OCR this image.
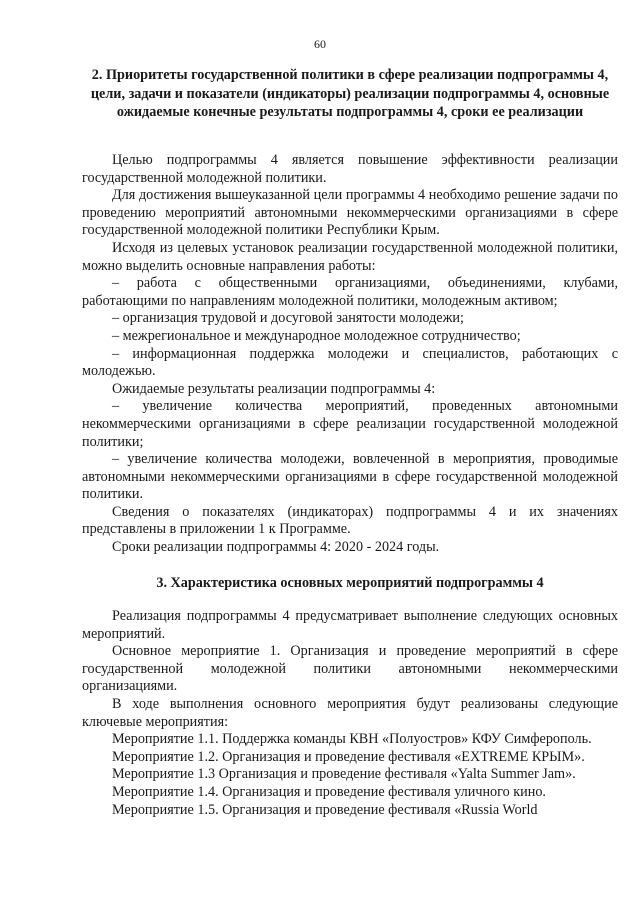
60
2. Приоритеты государственной политики в сфере реализации подпрограммы 4, цели, задачи и показатели (индикаторы) реализации подпрограммы 4, основные ожидаемые конечные результаты подпрограммы 4, сроки ее реализации

Целью подпрограммы 4 является повышение эффективности реализации государственной молодежной политики.

Для достижения вышеуказанной цели программы 4 необходимо решение задачи по проведению мероприятий автономными некоммерческими организациями в сфере государственной молодежной политики Республики Крым.

Исходя из целевых установок реализации государственной молодежной политики, можно выделить основные направления работы:

– работа с общественными организациями, объединениями, клубами, работающими по направлениям молодежной политики, молодежным активом;

– организация трудовой и досуговой занятости молодежи;

– межрегиональное и международное молодежное сотрудничество;

– информационная поддержка молодежи и специалистов, работающих с молодежью.

Ожидаемые результаты реализации подпрограммы 4:

– увеличение количества мероприятий, проведенных автономными некоммерческими организациями в сфере реализации государственной молодежной политики;

– увеличение количества молодежи, вовлеченной в мероприятия, проводимые автономными некоммерческими организациями в сфере государственной молодежной политики.

Сведения о показателях (индикаторах) подпрограммы 4 и их значениях представлены в приложении 1 к Программе.

Сроки реализации подпрограммы 4: 2020 - 2024 годы.

3. Характеристика основных мероприятий подпрограммы 4

Реализация подпрограммы 4 предусматривает выполнение следующих основных мероприятий.

Основное мероприятие 1. Организация и проведение мероприятий в сфере государственной молодежной политики автономными некоммерческими организациями.

В ходе выполнения основного мероприятия будут реализованы следующие ключевые мероприятия:

Мероприятие 1.1. Поддержка команды КВН «Полуостров» КФУ Симферополь.

Мероприятие 1.2. Организация и проведение фестиваля «EXTREME КРЫМ».

Мероприятие 1.3 Организация и проведение фестиваля «Yalta Summer Jam».

Мероприятие 1.4. Организация и проведение фестиваля уличного кино.

Мероприятие 1.5. Организация и проведение фестиваля «Russia World
